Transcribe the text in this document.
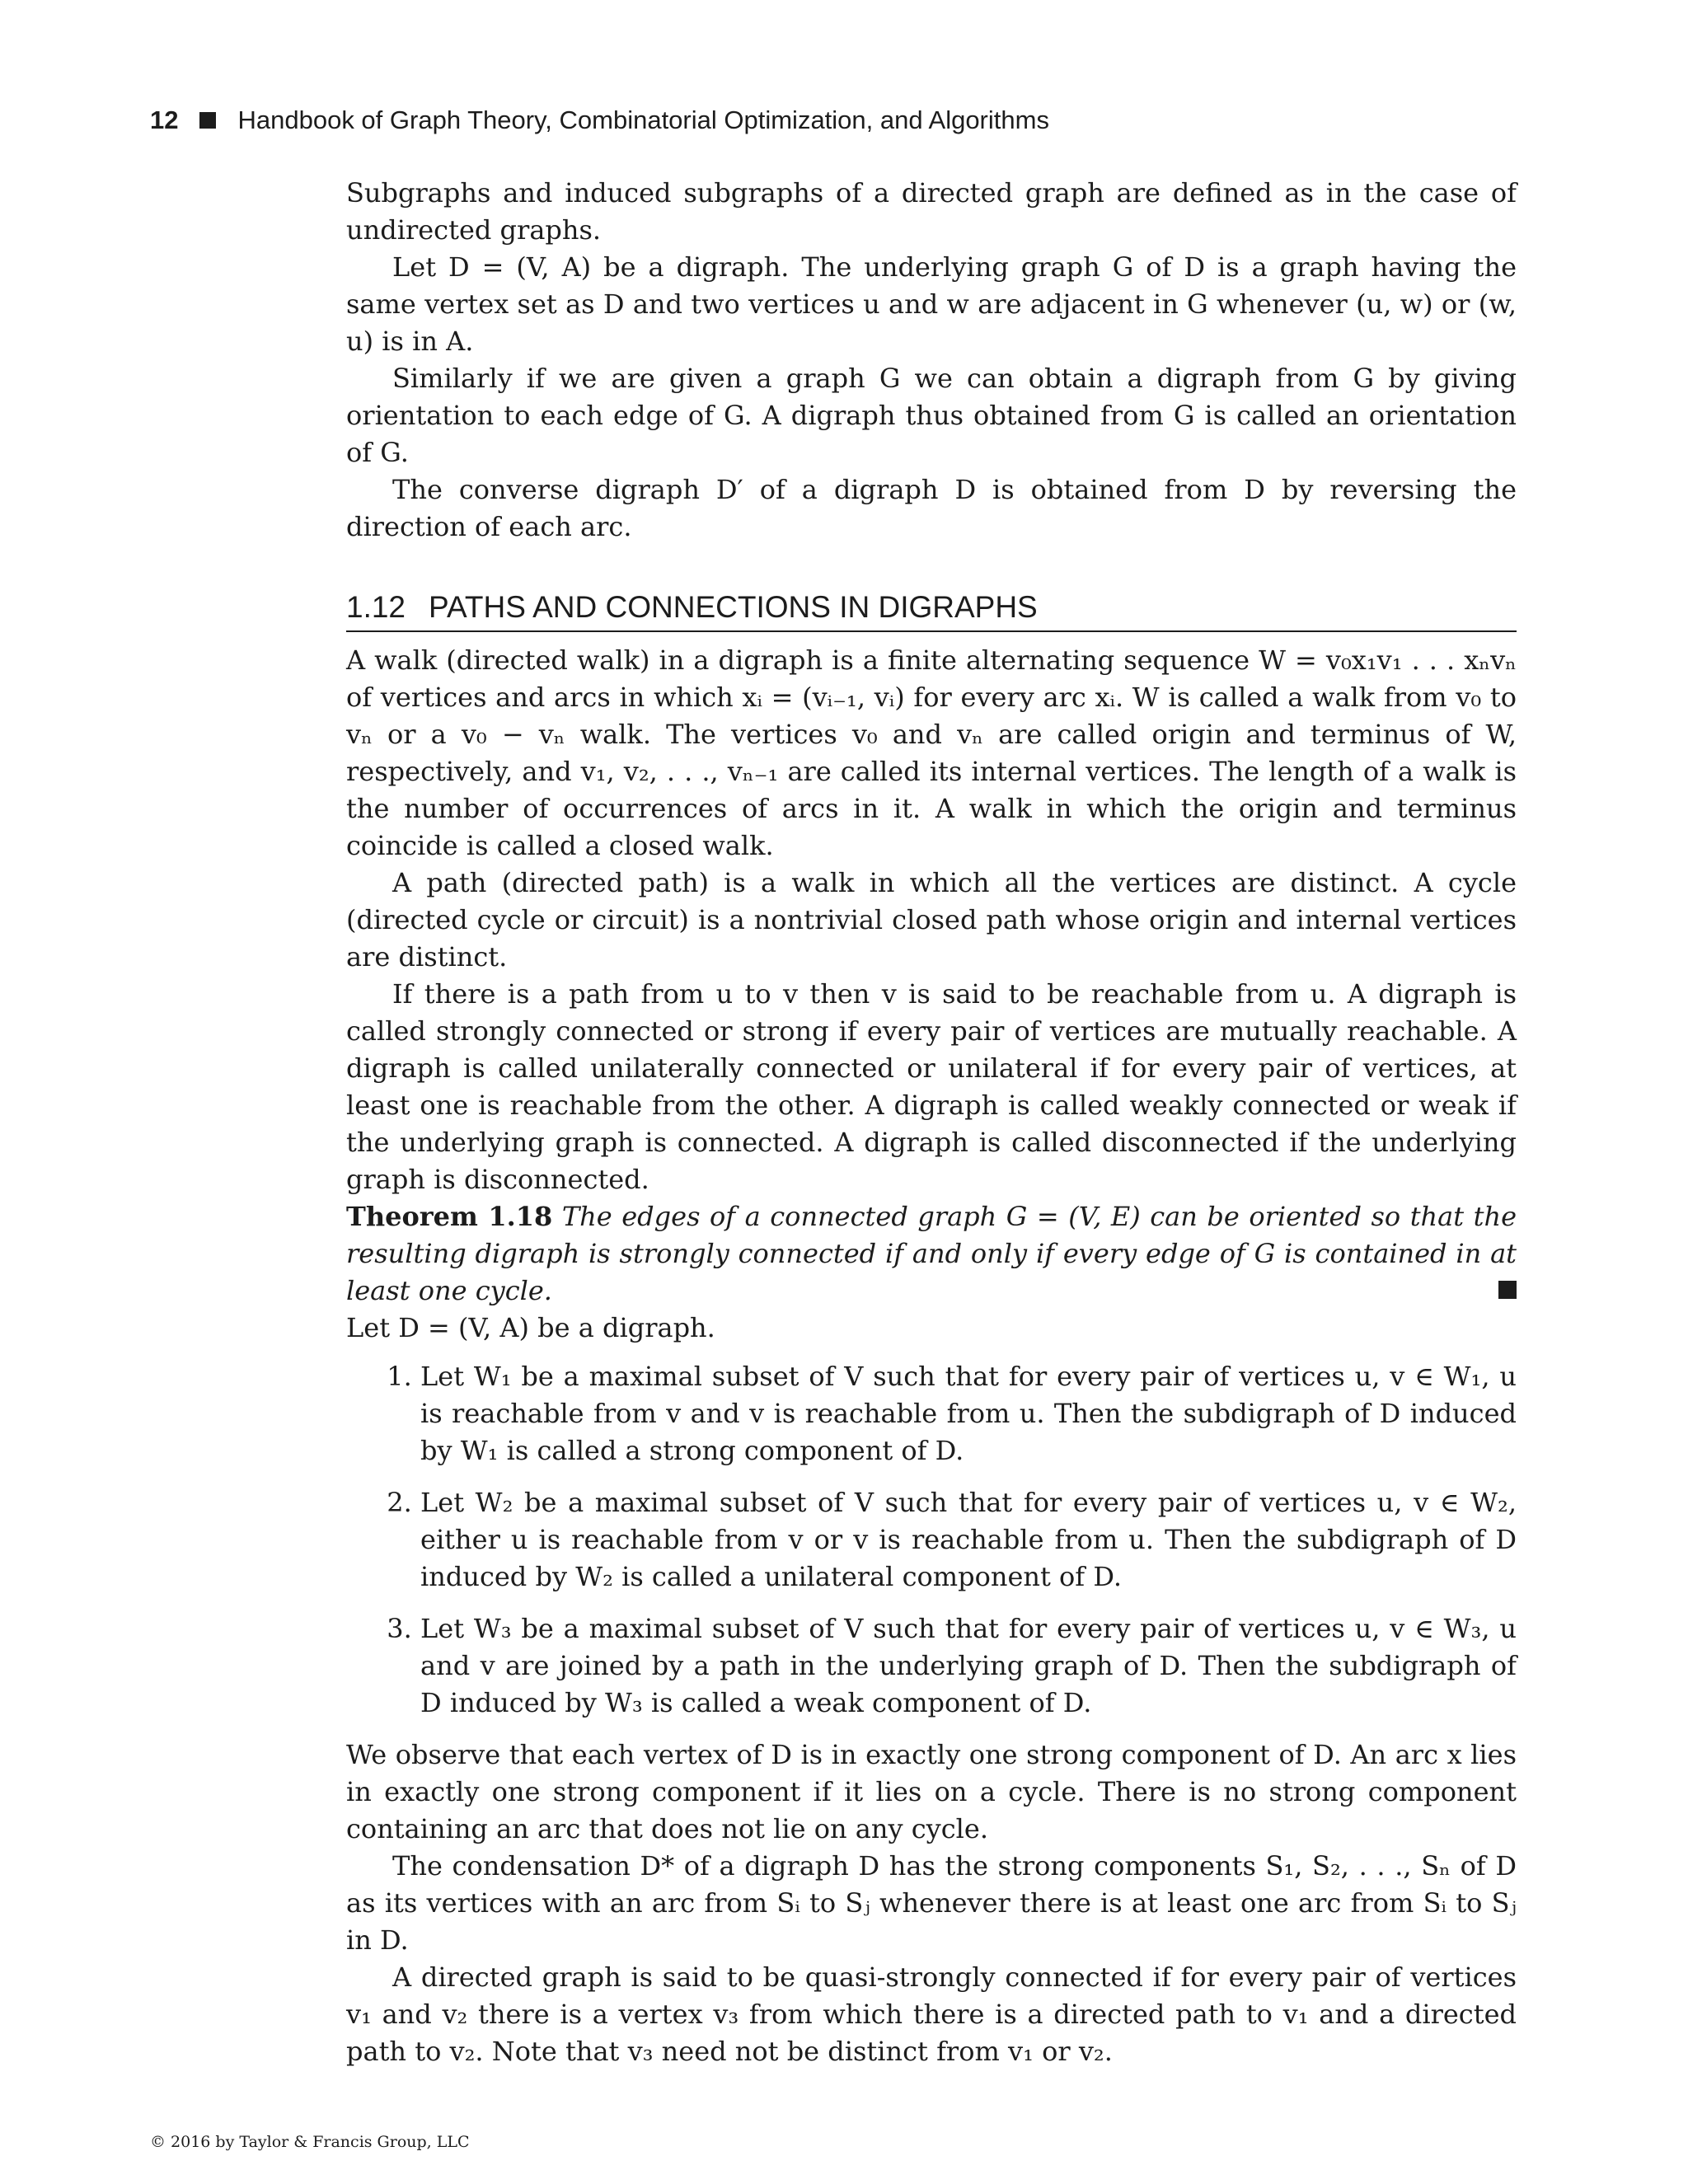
12 Handbook of Graph Theory, Combinatorial Optimization, and Algorithms

Subgraphs and induced subgraphs of a directed graph are defined as in the case of undirected graphs.

Let D = (V, A) be a digraph. The underlying graph G of D is a graph having the same vertex set as D and two vertices u and w are adjacent in G whenever (u, w) or (w, u) is in A.

Similarly if we are given a graph G we can obtain a digraph from G by giving orientation to each edge of G. A digraph thus obtained from G is called an orientation of G.

The converse digraph D′ of a digraph D is obtained from D by reversing the direction of each arc.

1.12 PATHS AND CONNECTIONS IN DIGRAPHS

A walk (directed walk) in a digraph is a finite alternating sequence W = v₀x₁v₁ . . . xₙvₙ of vertices and arcs in which xᵢ = (vᵢ₋₁, vᵢ) for every arc xᵢ. W is called a walk from v₀ to vₙ or a v₀ − vₙ walk. The vertices v₀ and vₙ are called origin and terminus of W, respectively, and v₁, v₂, . . ., vₙ₋₁ are called its internal vertices. The length of a walk is the number of occurrences of arcs in it. A walk in which the origin and terminus coincide is called a closed walk.

A path (directed path) is a walk in which all the vertices are distinct. A cycle (directed cycle or circuit) is a nontrivial closed path whose origin and internal vertices are distinct.

If there is a path from u to v then v is said to be reachable from u. A digraph is called strongly connected or strong if every pair of vertices are mutually reachable. A digraph is called unilaterally connected or unilateral if for every pair of vertices, at least one is reachable from the other. A digraph is called weakly connected or weak if the underlying graph is connected. A digraph is called disconnected if the underlying graph is disconnected.

Theorem 1.18 The edges of a connected graph G = (V, E) can be oriented so that the resulting digraph is strongly connected if and only if every edge of G is contained in at least one cycle.

Let D = (V, A) be a digraph.

1. Let W₁ be a maximal subset of V such that for every pair of vertices u, v ∈ W₁, u is reachable from v and v is reachable from u. Then the subdigraph of D induced by W₁ is called a strong component of D.
2. Let W₂ be a maximal subset of V such that for every pair of vertices u, v ∈ W₂, either u is reachable from v or v is reachable from u. Then the subdigraph of D induced by W₂ is called a unilateral component of D.
3. Let W₃ be a maximal subset of V such that for every pair of vertices u, v ∈ W₃, u and v are joined by a path in the underlying graph of D. Then the subdigraph of D induced by W₃ is called a weak component of D.

We observe that each vertex of D is in exactly one strong component of D. An arc x lies in exactly one strong component if it lies on a cycle. There is no strong component containing an arc that does not lie on any cycle.

The condensation D* of a digraph D has the strong components S₁, S₂, . . ., Sₙ of D as its vertices with an arc from Sᵢ to Sⱼ whenever there is at least one arc from Sᵢ to Sⱼ in D.

A directed graph is said to be quasi-strongly connected if for every pair of vertices v₁ and v₂ there is a vertex v₃ from which there is a directed path to v₁ and a directed path to v₂. Note that v₃ need not be distinct from v₁ or v₂.

© 2016 by Taylor & Francis Group, LLC
